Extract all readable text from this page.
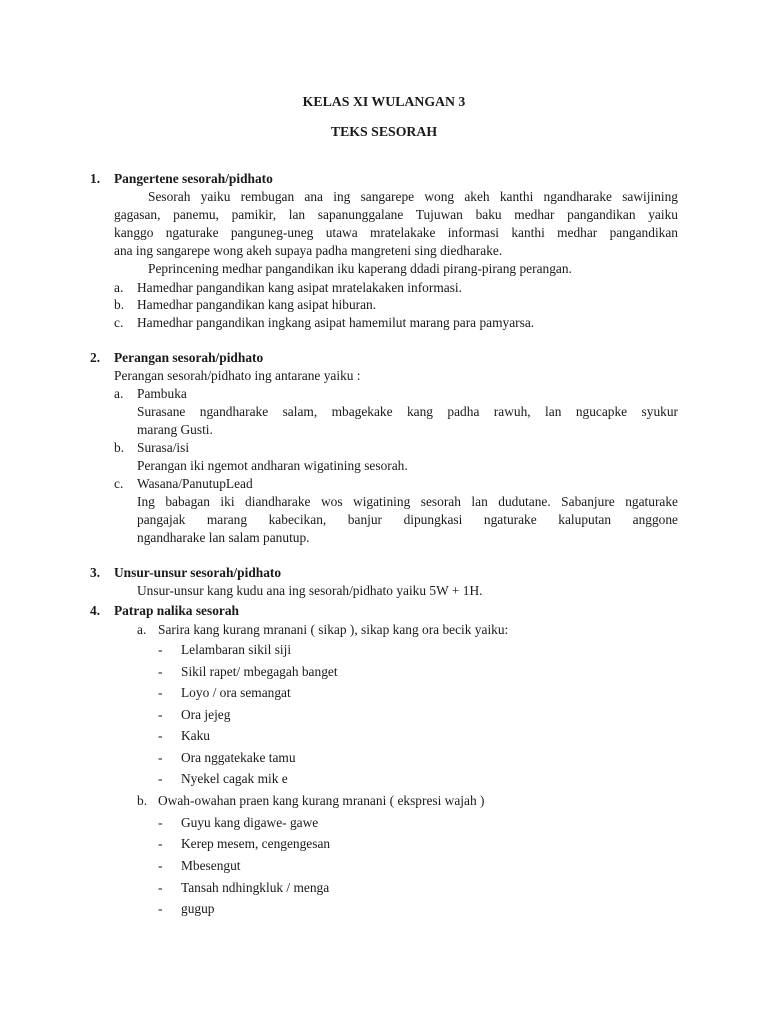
KELAS XI WULANGAN 3
TEKS SESORAH
1. Pangertene sesorah/pidhato
Sesorah yaiku rembugan ana ing sangarepe wong akeh kanthi ngandharake sawijining
gagasan, panemu, pamikir, lan sapanunggalane Tujuwan baku medhar pangandikan yaiku
kanggo ngaturake panguneg-uneg utawa mratelakake informasi kanthi medhar pangandikan
ana ing sangarepe wong akeh supaya padha mangreteni sing diedharake.
Peprincening medhar pangandikan iku kaperang ddadi pirang-pirang perangan.
a. Hamedhar pangandikan kang asipat mratelakaken informasi.
b. Hamedhar pangandikan kang asipat hiburan.
c. Hamedhar pangandikan ingkang asipat hamemilut marang para pamyarsa.
2. Perangan sesorah/pidhato
Perangan sesorah/pidhato ing antarane yaiku :
a. Pambuka
Surasane ngandharake salam, mbagekake kang padha rawuh, lan ngucapke syukur
marang Gusti.
b. Surasa/isi
Perangan iki ngemot andharan wigatining sesorah.
c. Wasana/PanutupLead
Ing babagan iki diandharake wos wigatining sesorah lan dudutane. Sabanjure ngaturake
pangajak marang kabecikan, banjur dipungkasi ngaturake kaluputan anggone
ngandharake lan salam panutup.
3. Unsur-unsur sesorah/pidhato
Unsur-unsur kang kudu ana ing sesorah/pidhato yaiku 5W + 1H.
4. Patrap nalika sesorah
a. Sarira kang kurang mranani ( sikap ), sikap kang ora becik yaiku:
- Lelambaran sikil siji
- Sikil rapet/ mbegagah banget
- Loyo / ora semangat
- Ora jejeg
- Kaku
- Ora nggatekake tamu
- Nyekel cagak mik e
b. Owah-owahan praen kang kurang mranani ( ekspresi wajah )
- Guyu kang digawe- gawe
- Kerep mesem, cengengesan
- Mbesengut
- Tansah ndhingkluk / menga
- gugup
